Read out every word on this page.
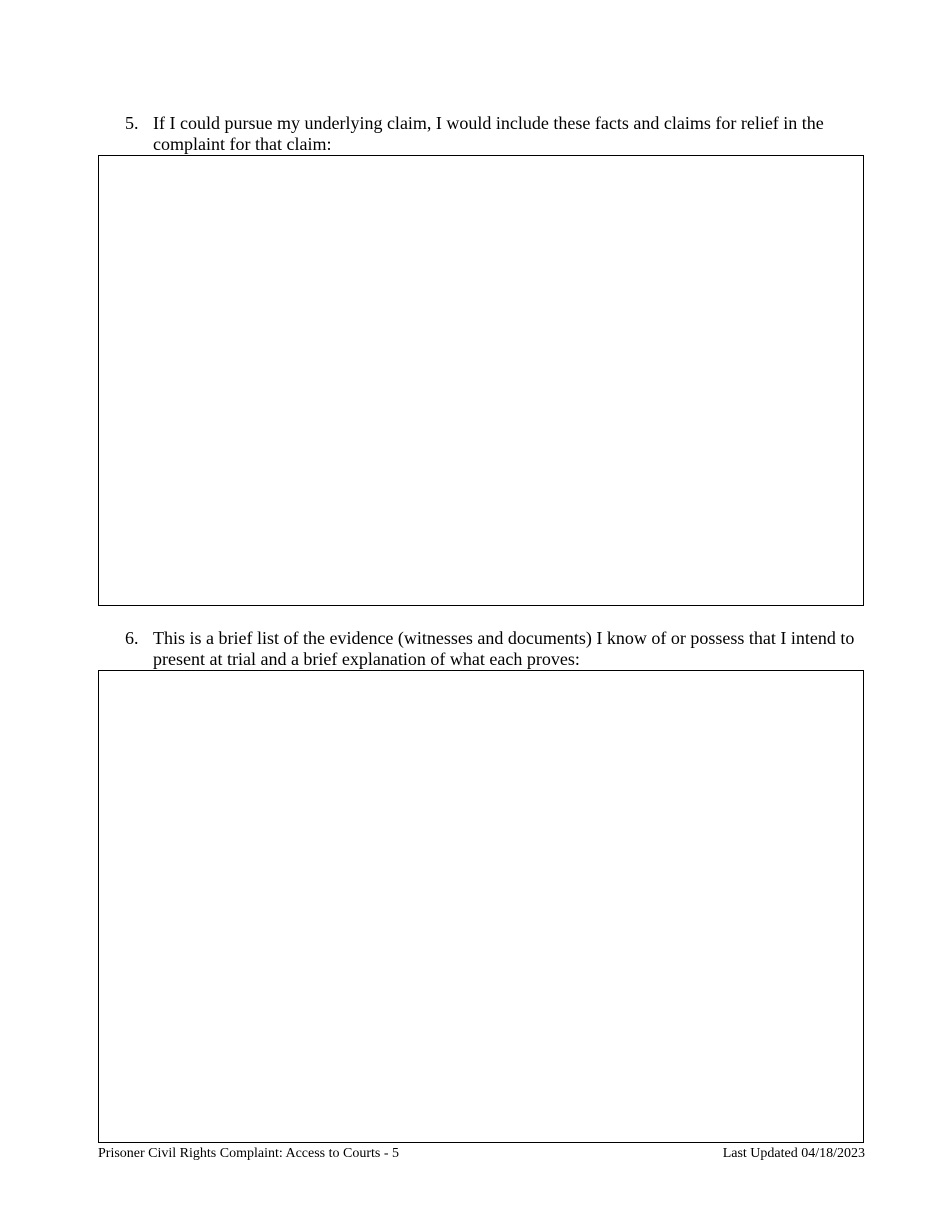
5. If I could pursue my underlying claim, I would include these facts and claims for relief in the complaint for that claim:
6. This is a brief list of the evidence (witnesses and documents) I know of or possess that I intend to present at trial and a brief explanation of what each proves:
Prisoner Civil Rights Complaint: Access to Courts - 5	Last Updated 04/18/2023
